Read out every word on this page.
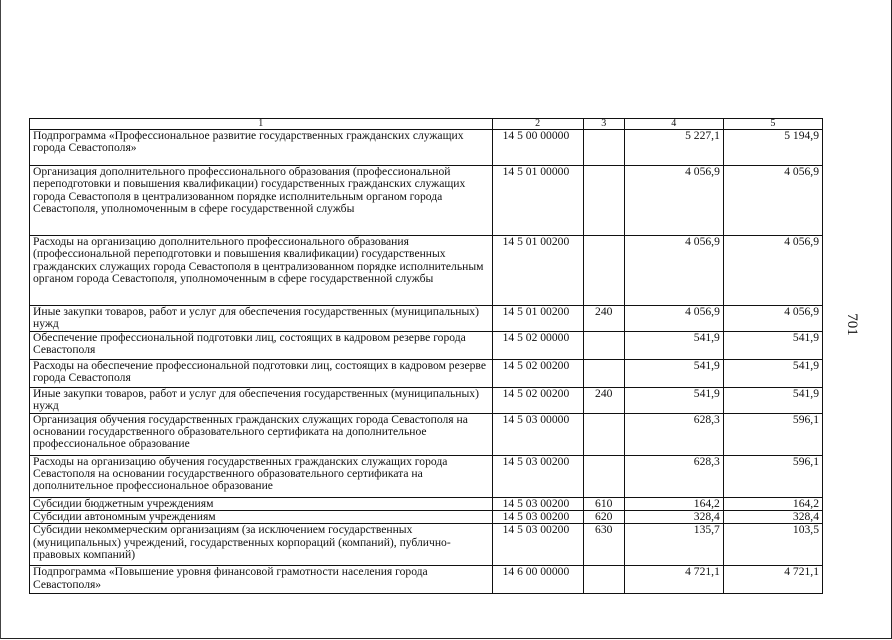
1	2	3	4	5
Подпрограмма «Профессиональное развитие государственных гражданских служащих города Севастополя»	14 5 00 00000		5 227,1	5 194,9
Организация дополнительного профессионального образования (профессиональной переподготовки и повышения квалификации) государственных гражданских служащих города Севастополя в централизованном порядке исполнительным органом города Севастополя, уполномоченным в сфере государственной службы	14 5 01 00000		4 056,9	4 056,9
Расходы на организацию дополнительного профессионального образования (профессиональной переподготовки и повышения квалификации) государственных гражданских служащих города Севастополя в централизованном порядке исполнительным органом города Севастополя, уполномоченным в сфере государственной службы	14 5 01 00200		4 056,9	4 056,9
Иные закупки товаров, работ и услуг для обеспечения государственных (муниципальных) нужд	14 5 01 00200	240	4 056,9	4 056,9
Обеспечение профессиональной подготовки лиц, состоящих в кадровом резерве города Севастополя	14 5 02 00000		541,9	541,9
Расходы на обеспечение профессиональной подготовки лиц, состоящих в кадровом резерве города Севастополя	14 5 02 00200		541,9	541,9
Иные закупки товаров, работ и услуг для обеспечения государственных (муниципальных) нужд	14 5 02 00200	240	541,9	541,9
Организация обучения государственных гражданских служащих города Севастополя на основании государственного образовательного сертификата на дополнительное профессиональное образование	14 5 03 00000		628,3	596,1
Расходы на организацию обучения государственных гражданских служащих города Севастополя на основании государственного образовательного сертификата на дополнительное профессиональное образование	14 5 03 00200		628,3	596,1
Субсидии бюджетным учреждениям	14 5 03 00200	610	164,2	164,2
Субсидии автономным учреждениям	14 5 03 00200	620	328,4	328,4
Субсидии некоммерческим организациям (за исключением государственных (муниципальных) учреждений, государственных корпораций (компаний), публично-правовых компаний)	14 5 03 00200	630	135,7	103,5
Подпрограмма «Повышение уровня финансовой грамотности населения города Севастополя»	14 6 00 00000		4 721,1	4 721,1
701
